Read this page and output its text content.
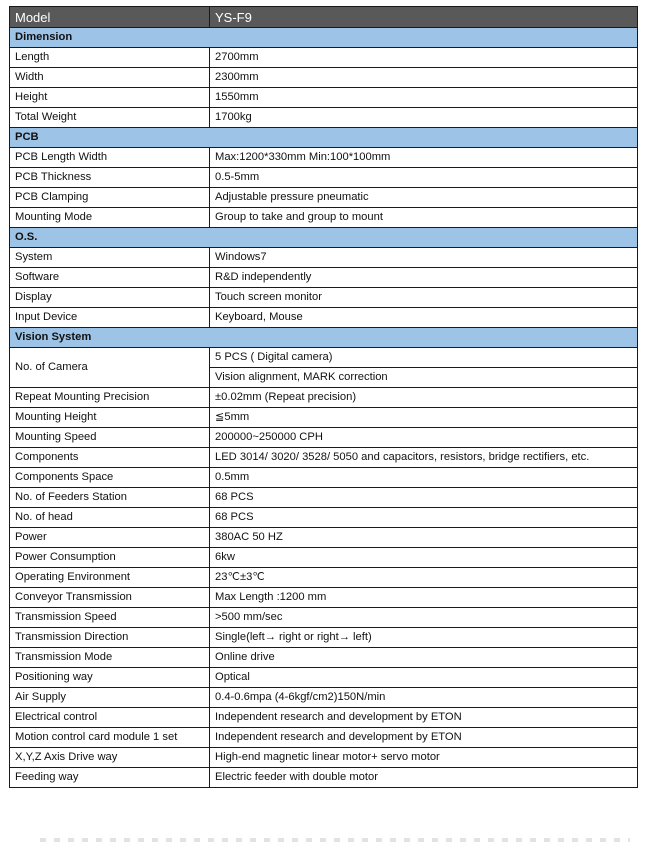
Model	YS-F9
Dimension	
Length	2700mm
Width	2300mm
Height	1550mm
Total Weight	1700kg
PCB	
PCB Length Width	Max:1200*330mm Min:100*100mm
PCB Thickness	0.5-5mm
PCB Clamping	Adjustable pressure pneumatic
Mounting Mode	Group to take and group to mount
O.S.	
System	Windows7
Software	R&D independently
Display	Touch screen monitor
Input Device	Keyboard, Mouse
Vision System	
No. of Camera	5 PCS ( Digital camera)
	Vision alignment, MARK correction
Repeat Mounting Precision	±0.02mm (Repeat precision)
Mounting Height	≦5mm
Mounting Speed	200000~250000 CPH
Components	LED 3014/ 3020/ 3528/ 5050 and capacitors, resistors, bridge rectifiers, etc.
Components Space	0.5mm
No. of Feeders Station	68 PCS
No. of head	68 PCS
Power	380AC 50 HZ
Power Consumption	6kw
Operating Environment	23℃±3℃
Conveyor Transmission	Max Length :1200 mm
Transmission Speed	>500 mm/sec
Transmission Direction	Single(left→ right or right→ left)
Transmission Mode	Online drive
Positioning way	Optical
Air Supply	0.4-0.6mpa (4-6kgf/cm2)150N/min
Electrical control	Independent research and development by ETON
Motion control card module 1 set	Independent research and development by ETON
X,Y,Z Axis Drive way	High-end magnetic linear motor+ servo motor
Feeding way	Electric feeder with double motor
